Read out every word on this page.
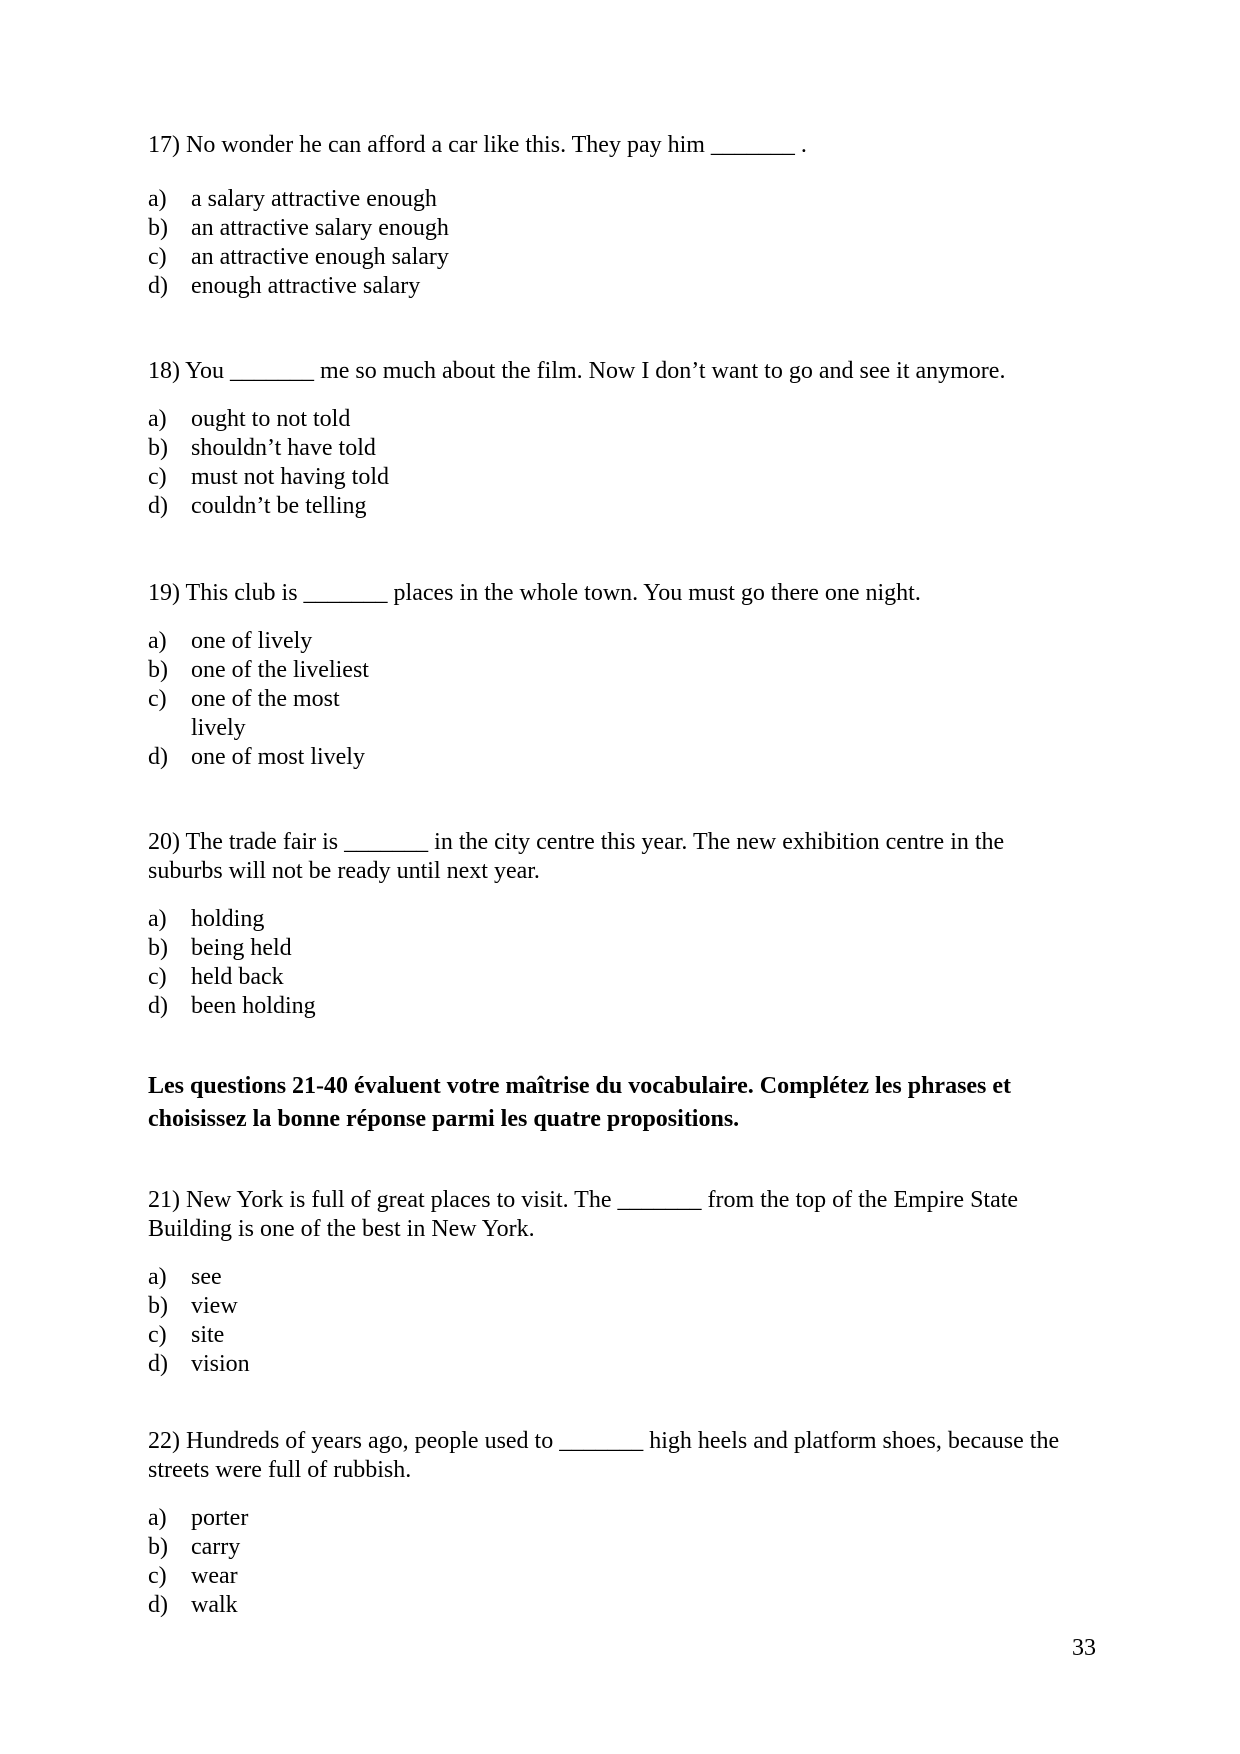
17) No wonder he can afford a car like this. They pay him _______ .

a)	a salary attractive enough
b) an attractive salary enough
c)	an attractive enough salary
d) enough attractive salary

18) You _______ me so much about the film. Now I don’t want to go and see it anymore.

a)	ought to not told
b) shouldn’t have told
c)	must not having told
d) couldn’t be telling

19) This club is _______ places in the whole town. You must go there one night.

a)	one of lively
b) one of the liveliest
c)	one of the most lively
d) one of most lively

20) The trade fair is _______ in the city centre this year. The new exhibition centre in the suburbs will not be ready until next year.

a)	holding
b) being held
c)	held back
d) been holding

Les questions 21-40 évaluent votre maîtrise du vocabulaire. Complétez les phrases et choisissez la bonne réponse parmi les quatre propositions.

21) New York is full of great places to visit. The _______ from the top of the Empire State Building is one of the best in New York.

a)	see
b) view
c)	site
d) vision

22) Hundreds of years ago, people used to _______ high heels and platform shoes, because the streets were full of rubbish.

a)	porter
b) carry
c)	wear
d) walk
33
